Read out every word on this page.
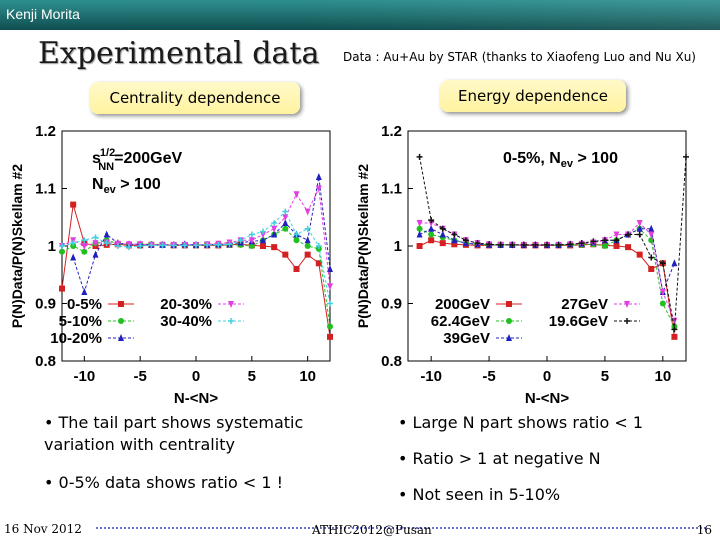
Kenji Morita
Experimental data Data : Au+Au by STAR (thanks to Xiaofeng Luo and Nu Xu)
Centrality dependence	Energy dependence
1.2
1.1
1
0.9
0.8
-10	-5	0	5	10
N-<N>
P(N)Data/P(N)Skellam #2
s1/2 NN=200GeV
$N_{ev} > 100$
0-5%	20-30%
5-10%	30-40%
10-20%
1.2
1.1
1
0.9
0.8
-10	-5	0	5	10
N-<N>
P(N)Data/P(N)Skellam #2
0-5%, $N_{ev} > 100$
200GeV	27GeV
62.4GeV	19.6GeV
39GeV
• The tail part shows systematic
variation with centrality
• 0-5% data shows ratio < 1 !
• Large N part shows ratio < 1
• Ratio > 1 at negative N
• Not seen in 5-10%
16 Nov 2012	ATHIC2012@Pusan	16
